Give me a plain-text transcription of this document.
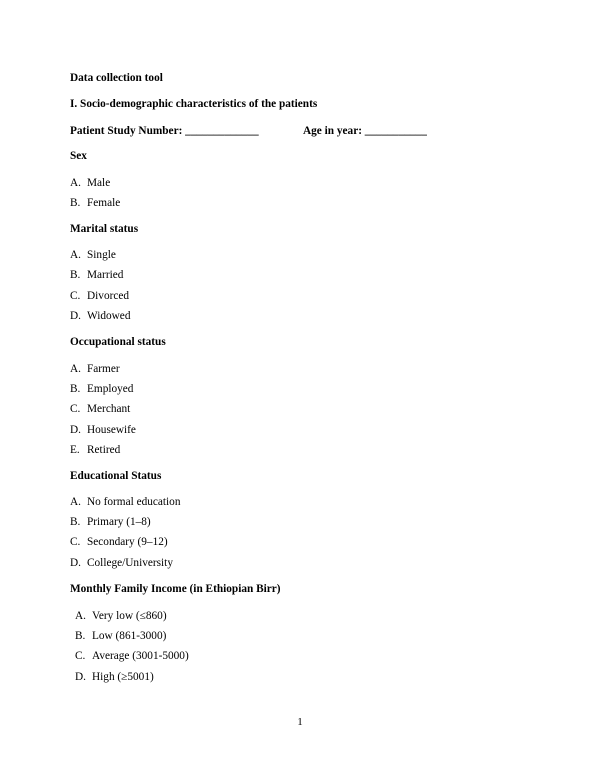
Data collection tool
I. Socio-demographic characteristics of the patients
Patient Study Number: _____________	Age in year: ___________
Sex
A. Male
B. Female
Marital status
A. Single
B. Married
C. Divorced
D. Widowed
Occupational status
A. Farmer
B. Employed
C. Merchant
D. Housewife
E. Retired
Educational Status
A. No formal education
B. Primary (1–8)
C. Secondary (9–12)
D. College/University
Monthly Family Income (in Ethiopian Birr)
A. Very low (≤860)
B. Low (861-3000)
C. Average (3001-5000)
D. High (≥5001)
1
